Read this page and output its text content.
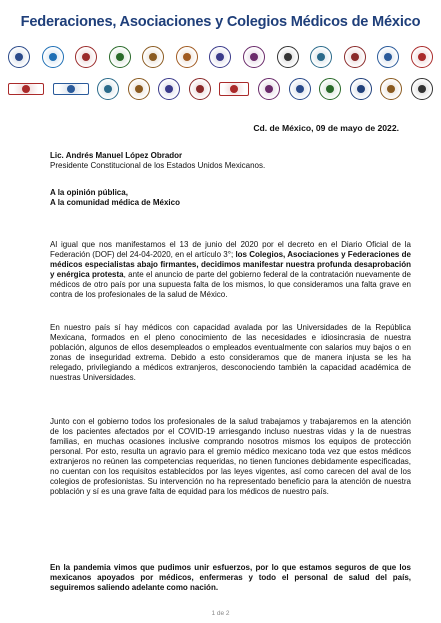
Federaciones, Asociaciones y Colegios Médicos de México
Cd. de México, 09 de mayo de 2022.
Lic. Andrés Manuel López Obrador
Presidente Constitucional de los Estados Unidos Mexicanos.
A la opinión pública,
A la comunidad médica de México
Al igual que nos manifestamos el 13 de junio del 2020 por el decreto en el Diario Oficial de la Federación (DOF) del 24-04-2020, en el artículo 3°; los Colegios, Asociaciones y Federaciones de médicos especialistas abajo firmantes, decidimos manifestar nuestra profunda desaprobación y enérgica protesta, ante el anuncio de parte del gobierno federal de la contratación nuevamente de médicos de otro país por una supuesta falta de los mismos, lo que consideramos una falta grave en contra de los profesionales de la salud de México.
En nuestro país sí hay médicos con capacidad avalada por las Universidades de la República Mexicana, formados en el pleno conocimiento de las necesidades e idiosincrasia de nuestra población, algunos de ellos desempleados o empleados eventualmente con salarios muy bajos o en zonas de inseguridad extrema. Debido a esto consideramos que de manera injusta se les ha relegado, privilegiando a médicos extranjeros, desconociendo también la capacidad académica de nuestras Universidades.
Junto con el gobierno todos los profesionales de la salud trabajamos y trabajaremos en la atención de los pacientes afectados por el COVID-19 arriesgando incluso nuestras vidas y la de nuestras familias, en muchas ocasiones inclusive comprando nosotros mismos los equipos de protección personal. Por esto, resulta un agravio para el gremio médico mexicano toda vez que estos médicos extranjeros no reúnen las competencias requeridas, no tienen funciones debidamente especificadas, no cuentan con los requisitos establecidos por las leyes vigentes, así como carecen del aval de los colegios de profesionistas. Su intervención no ha representado beneficio para la atención de nuestra población y sí es una grave falta de equidad para los médicos de nuestro país.
En la pandemia vimos que pudimos unir esfuerzos, por lo que estamos seguros de que los mexicanos apoyados por médicos, enfermeras y todo el personal de salud del país, seguiremos saliendo adelante como nación.
1 de 2
